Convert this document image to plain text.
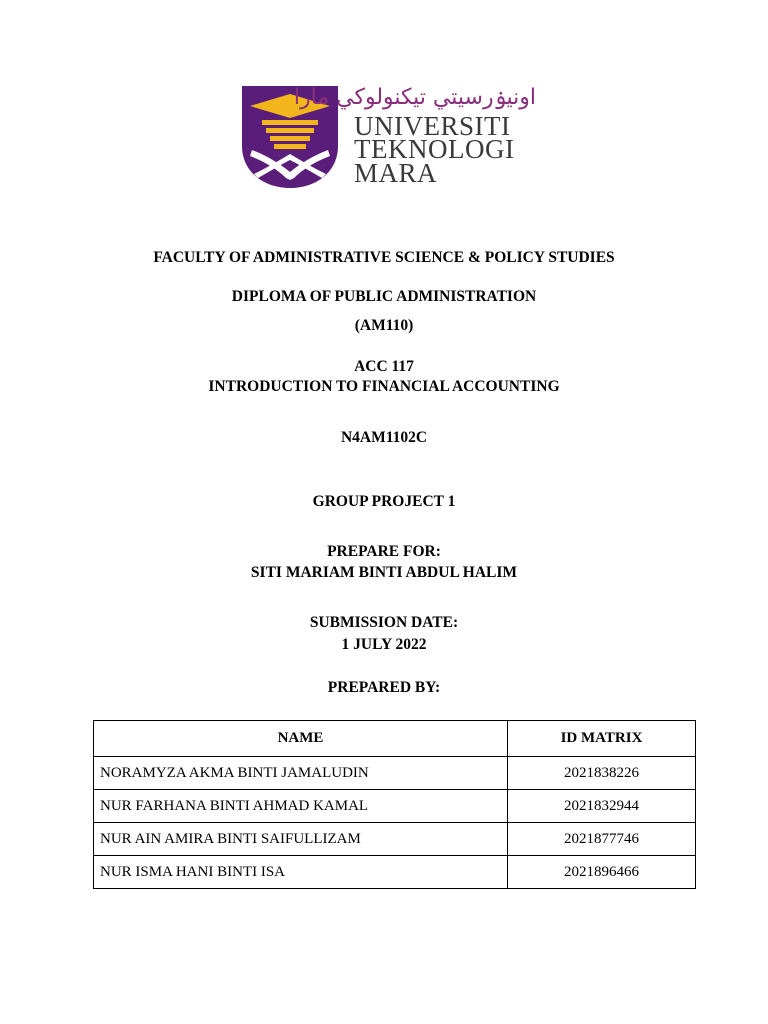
اونيۏرسيتي تيكنولوكي مارا
UNIVERSITI
TEKNOLOGI
MARA
FACULTY OF ADMINISTRATIVE SCIENCE & POLICY STUDIES
DIPLOMA OF PUBLIC ADMINISTRATION
(AM110)
ACC 117
INTRODUCTION TO FINANCIAL ACCOUNTING
N4AM1102C
GROUP PROJECT 1
PREPARE FOR:
SITI MARIAM BINTI ABDUL HALIM
SUBMISSION DATE:
1 JULY 2022
PREPARED BY:
NAME	ID MATRIX
NORAMYZA AKMA BINTI JAMALUDIN	2021838226
NUR FARHANA BINTI AHMAD KAMAL	2021832944
NUR AIN AMIRA BINTI SAIFULLIZAM	2021877746
NUR ISMA HANI BINTI ISA	2021896466
